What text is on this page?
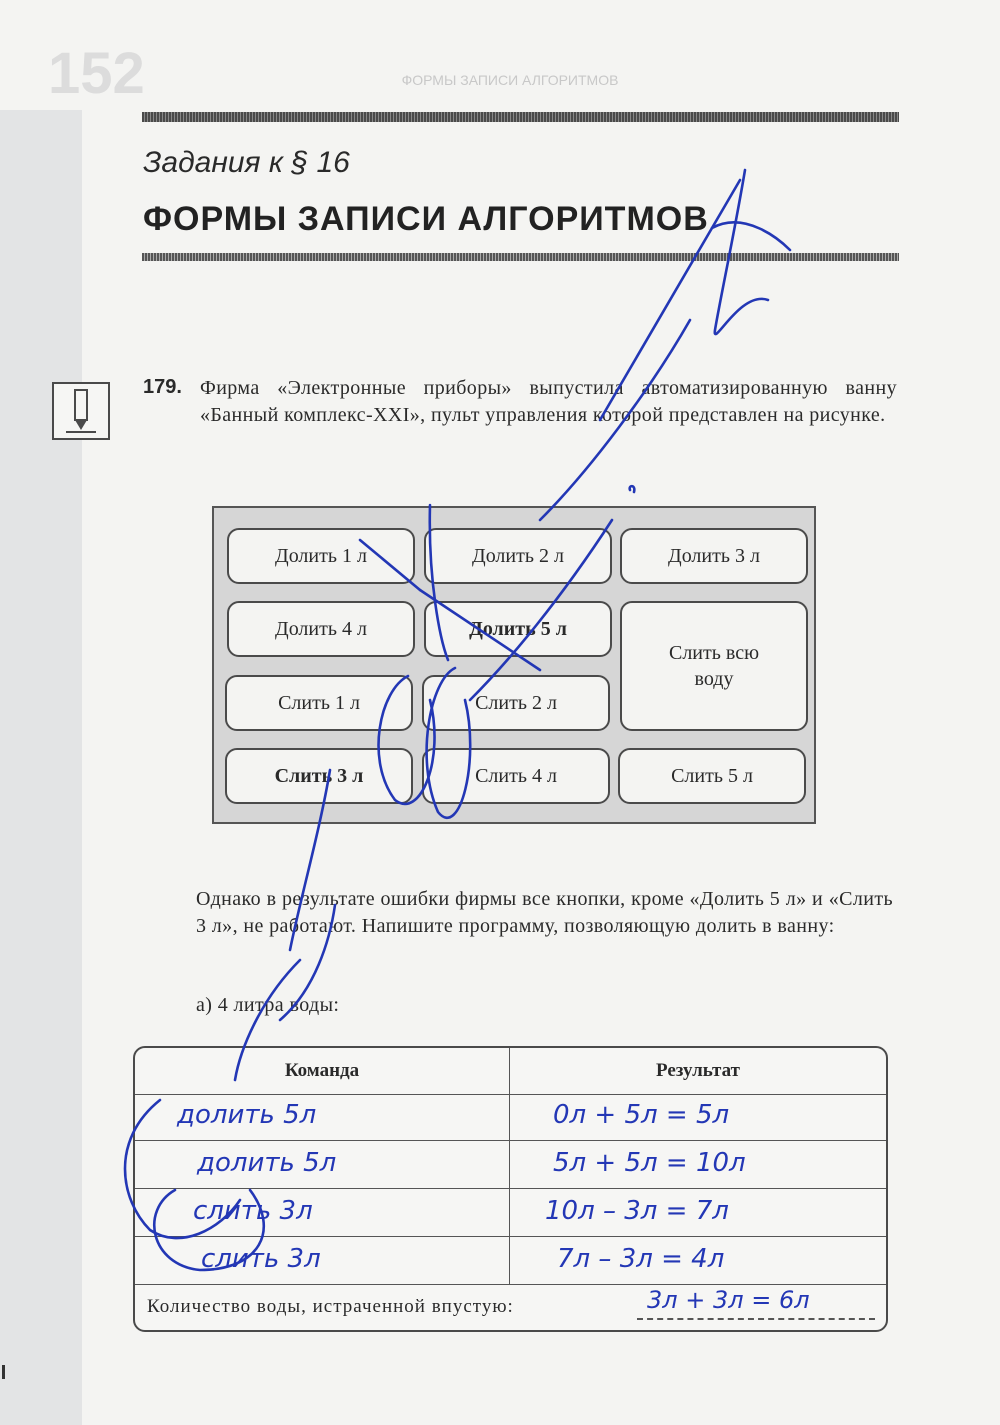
152	ФОРМЫ ЗАПИСИ АЛГОРИТМОВ
Задания к § 16
ФОРМЫ ЗАПИСИ АЛГОРИТМОВ
179. Фирма «Электронные приборы» выпустила автоматизированную ванну «Банный комплекс-XXI», пульт управления которой представлен на рисунке.
Долить 1 л	Долить 2 л	Долить 3 л
Долить 4 л	Долить 5 л
Слить всю воду
Слить 1 л	Слить 2 л
Слить 3 л	Слить 4 л	Слить 5 л
Однако в результате ошибки фирмы все кнопки, кроме «Долить 5 л» и «Слить 3 л», не работают. Напишите программу, позволяющую долить в ванну:
а) 4 литра воды:
Команда	Результат
долить 5л	0л + 5л = 5л
долить 5л	5л + 5л = 10л
слить 3л	10л – 3л = 7л
слить 3л	7л – 3л = 4л
Количество воды, истраченной впустую:	3л + 3л = 6л
